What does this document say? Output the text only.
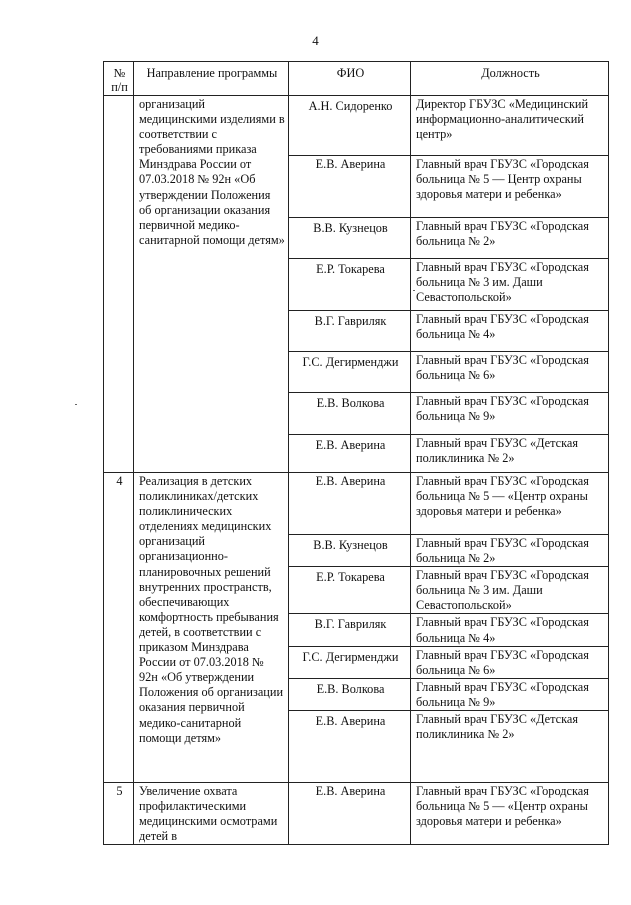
4
№ п/п	Направление программы	ФИО	Должность
	организаций медицинскими изделиями в соответствии с требованиями приказа Минздрава России от 07.03.2018 № 92н «Об утверждении Положения об организации оказания первичной медико-санитарной помощи детям»	А.Н. Сидоренко	Директор ГБУЗС «Медицинский информационно-аналитический центр»
		Е.В. Аверина	Главный врач ГБУЗС «Городская больница № 5 — Центр охраны здоровья матери и ребенка»
		В.В. Кузнецов	Главный врач ГБУЗС «Городская больница № 2»
		Е.Р. Токарева	Главный врач ГБУЗС «Городская больница № 3 им. Даши Севастопольской»
		В.Г. Гавриляк	Главный врач ГБУЗС «Городская больница № 4»
		Г.С. Дегирменджи	Главный врач ГБУЗС «Городская больница № 6»
		Е.В. Волкова	Главный врач ГБУЗС «Городская больница № 9»
		Е.В. Аверина	Главный врач ГБУЗС «Детская поликлиника № 2»
4	Реализация в детских поликлиниках/детских поликлинических отделениях медицинских организаций организационно-планировочных решений внутренних пространств, обеспечивающих комфортность пребывания детей, в соответствии с приказом Минздрава России от 07.03.2018 № 92н «Об утверждении Положения об организации оказания первичной медико-санитарной помощи детям»	Е.В. Аверина	Главный врач ГБУЗС «Городская больница № 5 — «Центр охраны здоровья матери и ребенка»
		В.В. Кузнецов	Главный врач ГБУЗС «Городская больница № 2»
		Е.Р. Токарева	Главный врач ГБУЗС «Городская больница № 3 им. Даши Севастопольской»
		В.Г. Гавриляк	Главный врач ГБУЗС «Городская больница № 4»
		Г.С. Дегирменджи	Главный врач ГБУЗС «Городская больница № 6»
		Е.В. Волкова	Главный врач ГБУЗС «Городская больница № 9»
		Е.В. Аверина	Главный врач ГБУЗС «Детская поликлиника № 2»
5	Увеличение охвата профилактическими медицинскими осмотрами детей в	Е.В. Аверина	Главный врач ГБУЗС «Городская больница № 5 — «Центр охраны здоровья матери и ребенка»
